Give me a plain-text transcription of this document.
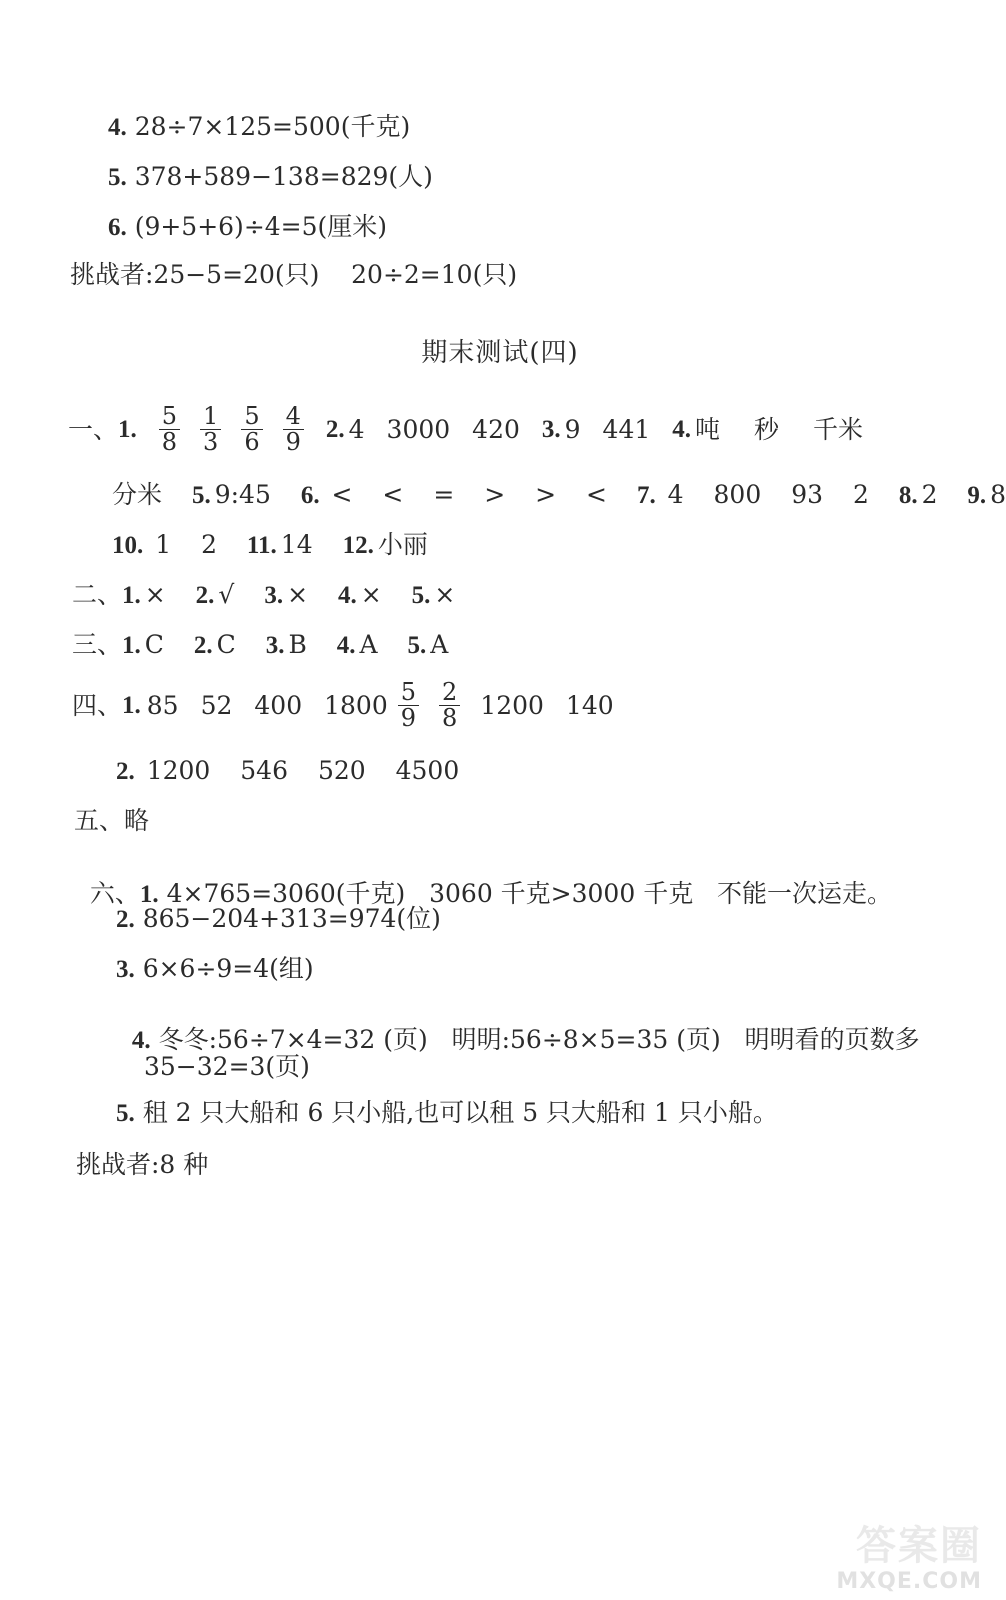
4. 28÷7×125=500(千克)
5. 378+589−138=829(人)
6. (9+5+6)÷4=5(厘米)
挑战者:25−5=20(只)    20÷2=10(只)
期末测试(四)
一、 1. $\frac{5}{8} \frac{1}{3} \frac{5}{6} \frac{4}{9} 2$. 4 3000 420 3. 9 441 4. 吨 秒 千米
分米 5. 9:45 6. < < = > > < 7. 4 800 93 2 8. 2 9. 8
10. 1 2 11. 14 12. 小丽
二、1. × 2. √ 3. × 4. × 5. ×
三、1. C 2. C 3. B 4. A 5. A
四、 1. 85 52 400 $1800 \frac{5}{9} \frac{2}{8} 1200$ 140
2. 1200 546 520 4500
五、略

六、1. 4×765=3060(千克)   3060 千克>3000 千克   不能一次运走。

2. 865−204+313=974(位)
3. 6×6÷9=4(组)

4. 冬冬:56÷7×4=32 (页)   明明:56÷8×5=35 (页)   明明看的页数多

35−32=3(页)
5. 租 2 只大船和 6 只小船,也可以租 5 只大船和 1 只小船。
挑战者:8 种
答案圈
MXQE.COM
